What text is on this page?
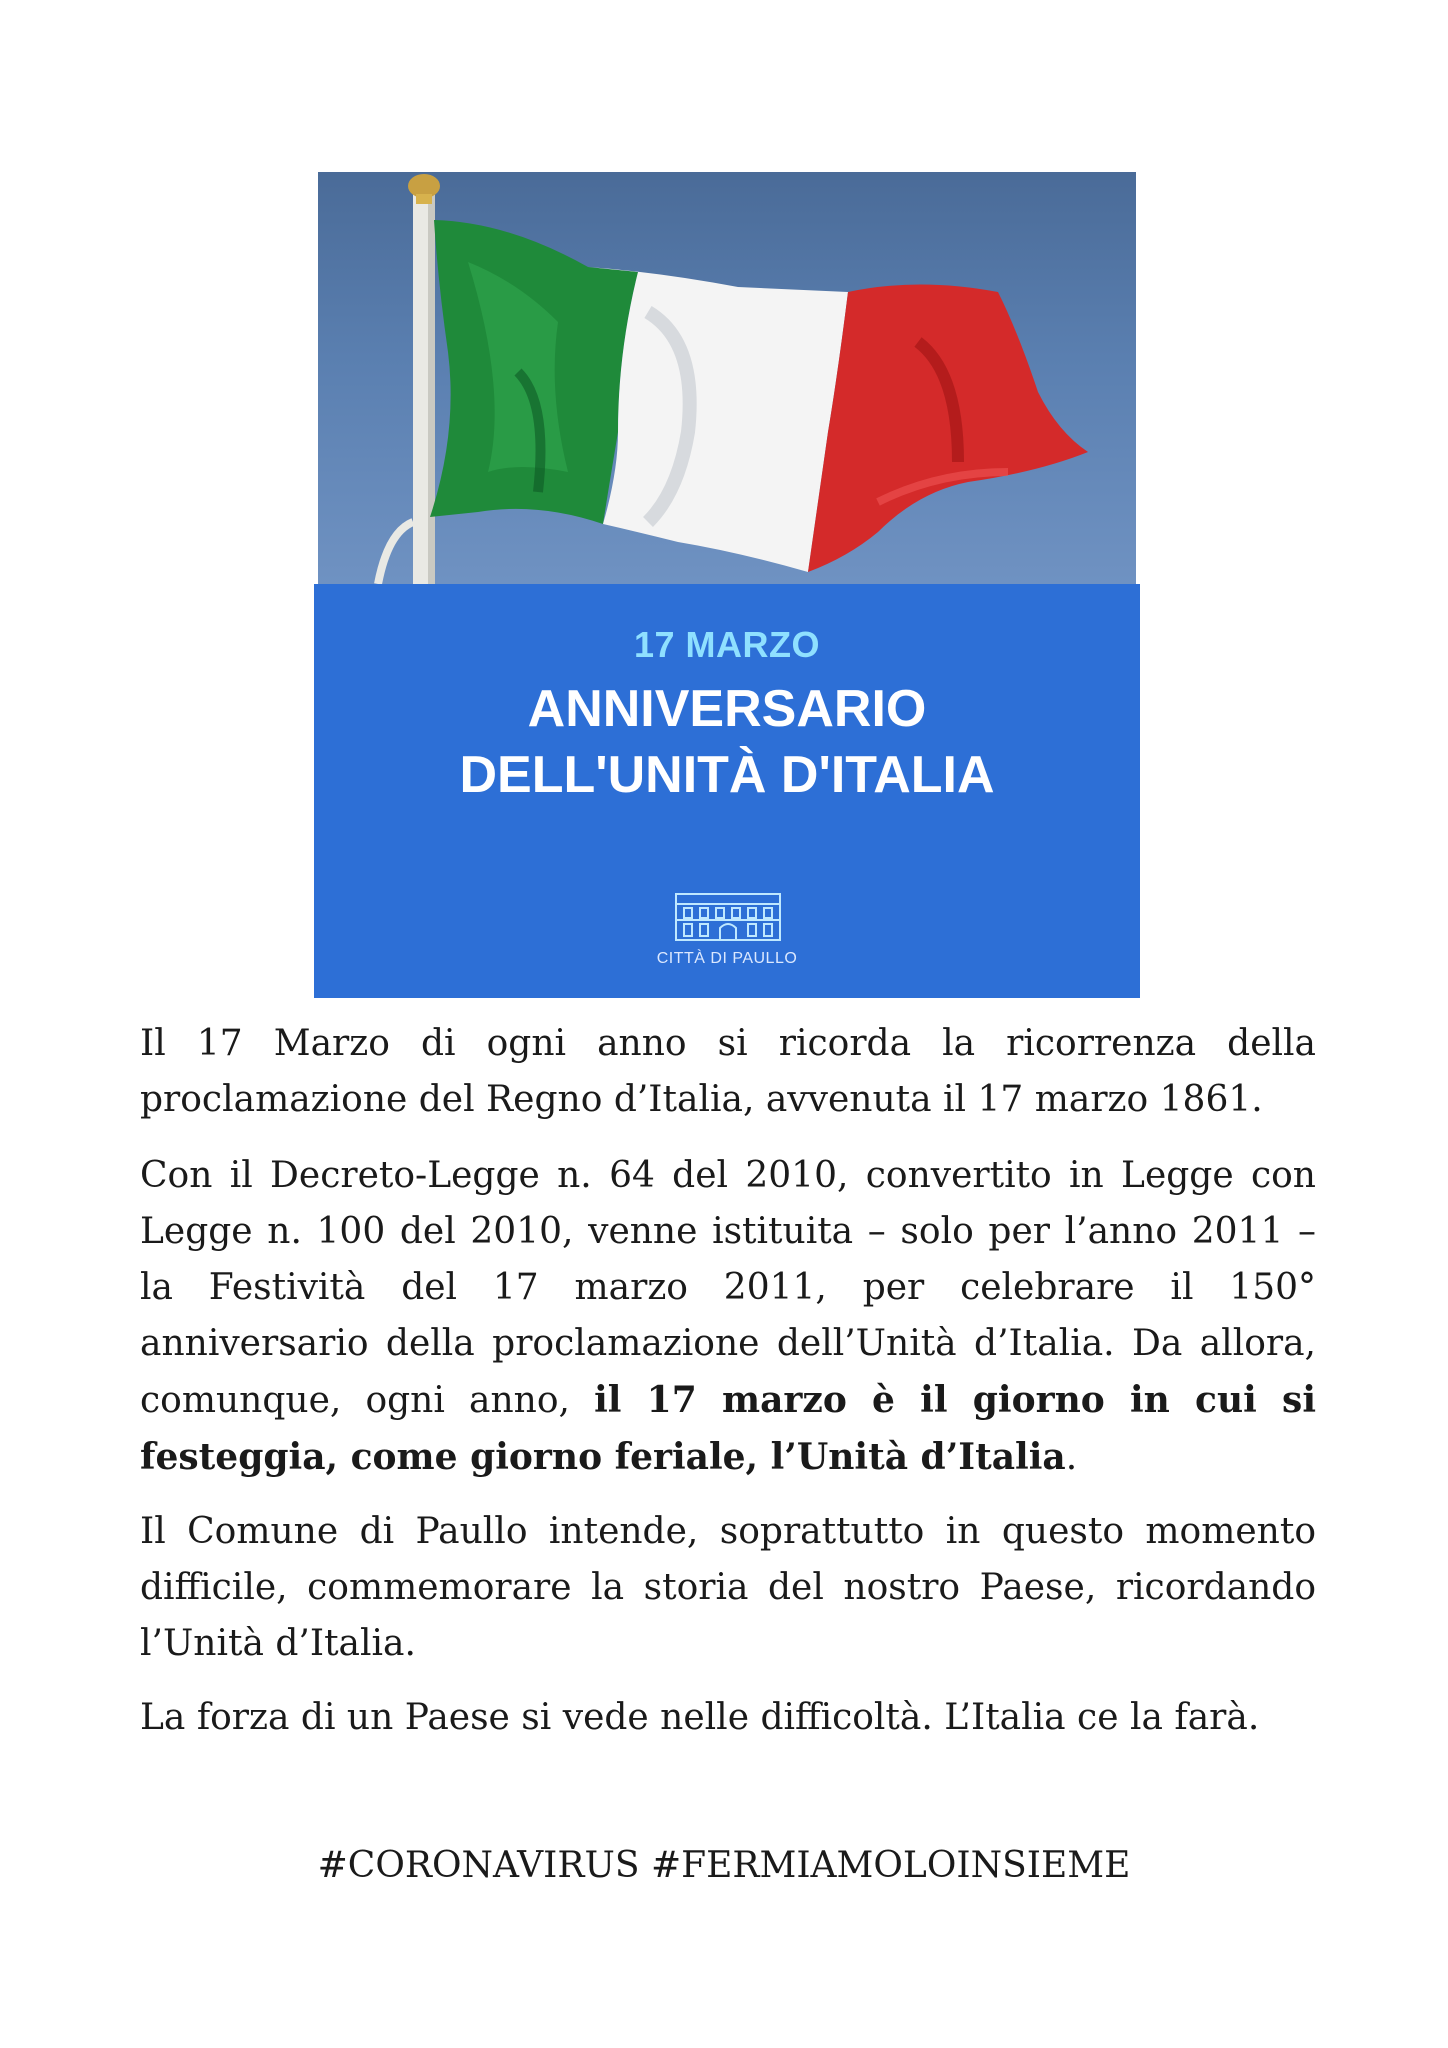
17 MARZO
ANNIVERSARIO
DELL'UNITÀ D'ITALIA
CITTÀ DI PAULLO

Il 17 Marzo di ogni anno si ricorda la ricorrenza della proclamazione del Regno d’Italia, avvenuta il 17 marzo 1861.

Con il Decreto-Legge n. 64 del 2010, convertito in Legge con Legge n. 100 del 2010, venne istituita – solo per l’anno 2011 – la Festività del 17 marzo 2011, per celebrare il 150° anniversario della proclamazione dell’Unità d’Italia. Da allora, comunque, ogni anno, il 17 marzo è il giorno in cui si festeggia, come giorno feriale, l’Unità d’Italia.

Il Comune di Paullo intende, soprattutto in questo momento difficile, commemorare la storia del nostro Paese, ricordando l’Unità d’Italia.

La forza di un Paese si vede nelle difficoltà. L’Italia ce la farà.

#CORONAVIRUS #FERMIAMOLOINSIEME
